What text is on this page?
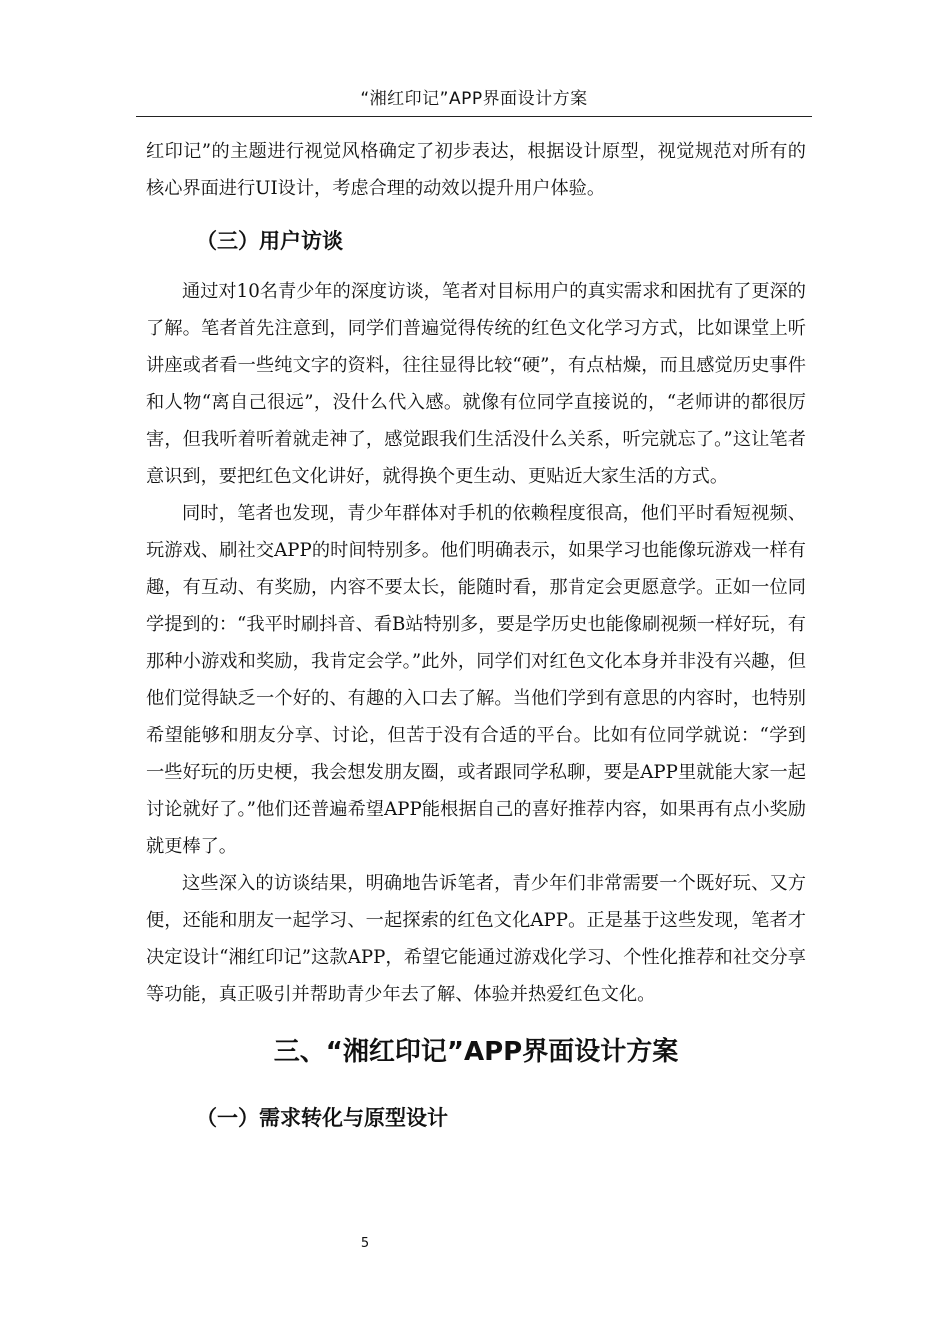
“湘红印记”APP界面设计方案

红印记”的主题进行视觉风格确定了初步表达，根据设计原型，视觉规范对所有的核心界面进行UI设计，考虑合理的动效以提升用户体验。

（三）用户访谈

通过对10名青少年的深度访谈，笔者对目标用户的真实需求和困扰有了更深的了解。笔者首先注意到，同学们普遍觉得传统的红色文化学习方式，比如课堂上听讲座或者看一些纯文字的资料，往往显得比较“硬”，有点枯燥，而且感觉历史事件和人物“离自己很远”，没什么代入感。就像有位同学直接说的，“老师讲的都很厉害，但我听着听着就走神了，感觉跟我们生活没什么关系，听完就忘了。”这让笔者意识到，要把红色文化讲好，就得换个更生动、更贴近大家生活的方式。

同时，笔者也发现，青少年群体对手机的依赖程度很高，他们平时看短视频、玩游戏、刷社交APP的时间特别多。他们明确表示，如果学习也能像玩游戏一样有趣，有互动、有奖励，内容不要太长，能随时看，那肯定会更愿意学。正如一位同学提到的：“我平时刷抖音、看B站特别多，要是学历史也能像刷视频一样好玩，有那种小游戏和奖励，我肯定会学。”此外，同学们对红色文化本身并非没有兴趣，但他们觉得缺乏一个好的、有趣的入口去了解。当他们学到有意思的内容时，也特别希望能够和朋友分享、讨论，但苦于没有合适的平台。比如有位同学就说：“学到一些好玩的历史梗，我会想发朋友圈，或者跟同学私聊，要是APP里就能大家一起讨论就好了。”他们还普遍希望APP能根据自己的喜好推荐内容，如果再有点小奖励就更棒了。

这些深入的访谈结果，明确地告诉笔者，青少年们非常需要一个既好玩、又方便，还能和朋友一起学习、一起探索的红色文化APP。正是基于这些发现，笔者才决定设计“湘红印记”这款APP，希望它能通过游戏化学习、个性化推荐和社交分享等功能，真正吸引并帮助青少年去了解、体验并热爱红色文化。

三、“湘红印记”APP界面设计方案
（一）需求转化与原型设计
5
